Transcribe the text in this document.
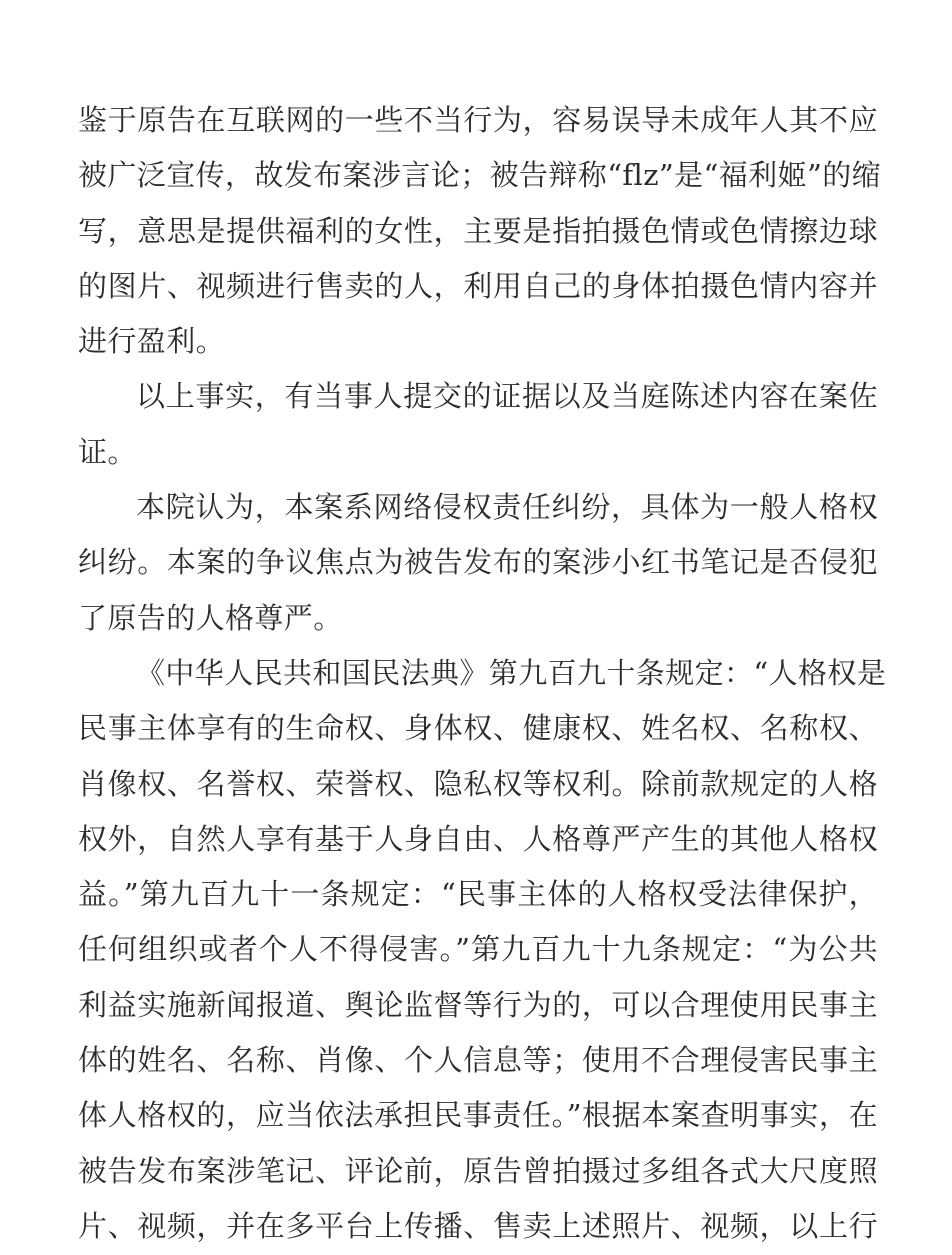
鉴于原告在互联网的一些不当行为，容易误导未成年人其不应
被广泛宣传，故发布案涉言论；被告辩称“flz”是“福利姬”的缩
写，意思是提供福利的女性，主要是指拍摄色情或色情擦边球
的图片、视频进行售卖的人，利用自己的身体拍摄色情内容并
进行盈利。
以上事实，有当事人提交的证据以及当庭陈述内容在案佐
证。
本院认为，本案系网络侵权责任纠纷，具体为一般人格权
纠纷。本案的争议焦点为被告发布的案涉小红书笔记是否侵犯
了原告的人格尊严。
《中华人民共和国民法典》第九百九十条规定：“人格权是
民事主体享有的生命权、身体权、健康权、姓名权、名称权、
肖像权、名誉权、荣誉权、隐私权等权利。除前款规定的人格
权外，自然人享有基于人身自由、人格尊严产生的其他人格权
益。”第九百九十一条规定：“民事主体的人格权受法律保护，
任何组织或者个人不得侵害。”第九百九十九条规定：“为公共
利益实施新闻报道、舆论监督等行为的，可以合理使用民事主
体的姓名、名称、肖像、个人信息等；使用不合理侵害民事主
体人格权的，应当依法承担民事责任。”根据本案查明事实，在
被告发布案涉笔记、评论前，原告曾拍摄过多组各式大尺度照
片、视频，并在多平台上传播、售卖上述照片、视频，以上行
